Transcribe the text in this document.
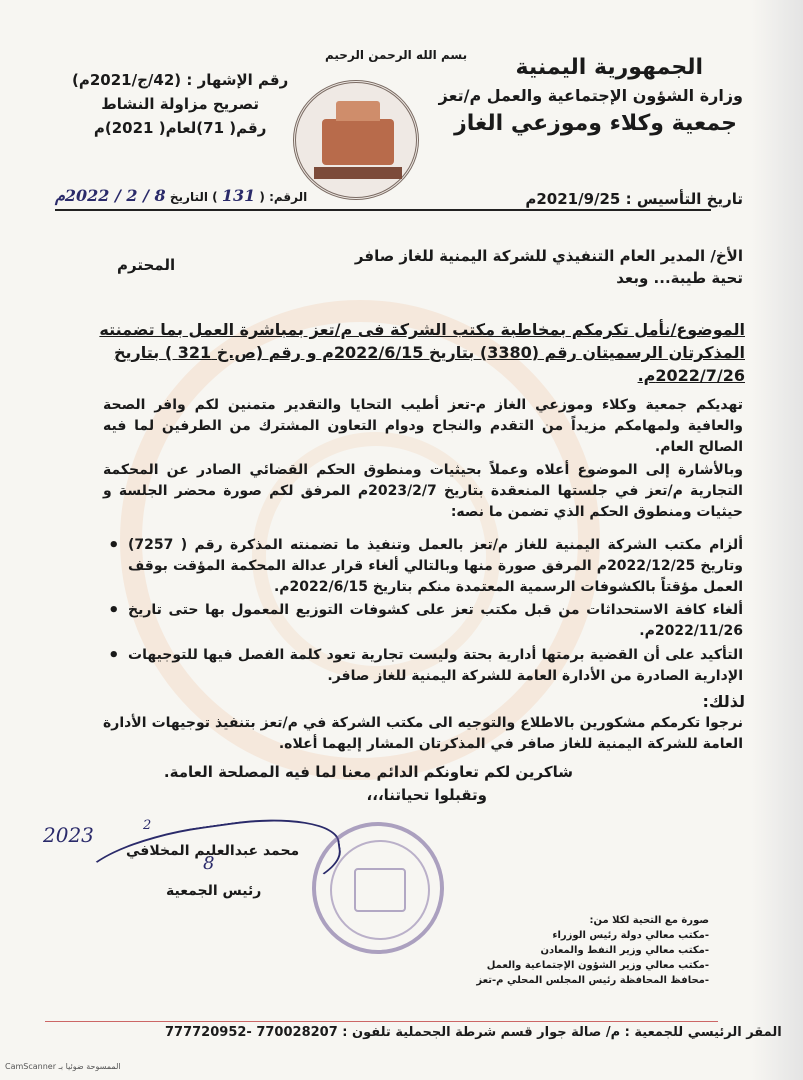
الجمهورية اليمنية
وزارة الشؤون الإجتماعية والعمل م/تعز
جمعية وكلاء وموزعي الغاز
بسم الله الرحمن الرحيم
رقم الإشهار : (42/ج/2021م)
تصريح مزاولة النشاط
رقم( 71)لعام( 2021)م
تاريخ التأسيس : 2021/9/25م
الرقم: ( 131 ) التاريخ 8 / 2 / 2022م
الأخ/ المدير العام التنفيذي للشركة اليمنية للغاز صافر
تحية طيبة... وبعد
المحترم
الموضوع/نأمل تكرمكم بمخاطبة مكتب الشركة فى م/تعز بمباشرة العمل بما تضمنته المذكرتان الرسميتان رقم (3380) بتاريخ 2022/6/15م و رقم (ص.خ 321 ) بتاريخ 2022/7/26م.
تهديكم جمعية وكلاء وموزعي الغاز م-تعز أطيب التحايا والتقدير متمنين لكم وافر الصحة والعافية ولمهامكم مزيداً من التقدم والنجاح ودوام التعاون المشترك من الطرفين لما فيه الصالح العام.
وبالأشارة إلى الموضوع أعلاه وعملاً بحيثيات ومنطوق الحكم القضائي الصادر عن المحكمة التجارية م/تعز في جلستها المنعقدة بتاريخ 2023/2/7م المرفق لكم صورة محضر الجلسة و حيثيات ومنطوق الحكم الذي تضمن ما نصه:
ألزام مكتب الشركة اليمنية للغاز م/تعز بالعمل وتنفيذ ما تضمنته المذكرة رقم ( 7257) وتاريخ 2022/12/25م المرفق صورة منها وبالتالي ألغاء قرار عدالة المحكمة المؤقت بوقف العمل مؤقتاً بالكشوفات الرسمية المعتمدة منكم بتاريخ 2022/6/15م. •
ألغاء كافة الاستحداثات من قبل مكتب تعز على كشوفات التوزيع المعمول بها حتى تاريخ 2022/11/26م. •
التأكيد على أن القضية برمتها أدارية بحتة وليست تجارية تعود كلمة الفصل فيها للتوجيهات الإدارية الصادرة من الأدارة العامة للشركة اليمنية للغاز صافر. •
لذلك:
نرجوا تكرمكم مشكورين بالاطلاع والتوجيه الى مكتب الشركة في م/تعز بتنفيذ توجيهات الأدارة العامة للشركة اليمنية للغاز صافر في المذكرتان المشار إليهما أعلاه.
شاكرين لكم تعاونكم الدائم معنا لما فيه المصلحة العامة.
وتقبلوا تحياتنا،،،
2023	2
8
محمد عبدالعليم المخلافي
رئيس الجمعية
صورة مع التحية لكلا من:
-مكتب معالي دولة رئيس الوزراء
-مكتب معالي وزير النفط والمعادن
-مكتب معالي وزير الشؤون الإجتماعية والعمل
-محافظ المحافظة رئيس المجلس المحلي م-تعز
المقر الرئيسي للجمعية : م/ صالة جوار قسم شرطة الجحملية تلفون : 770028207 -777720952
CamScanner الممسوحة ضوئيا بـ
